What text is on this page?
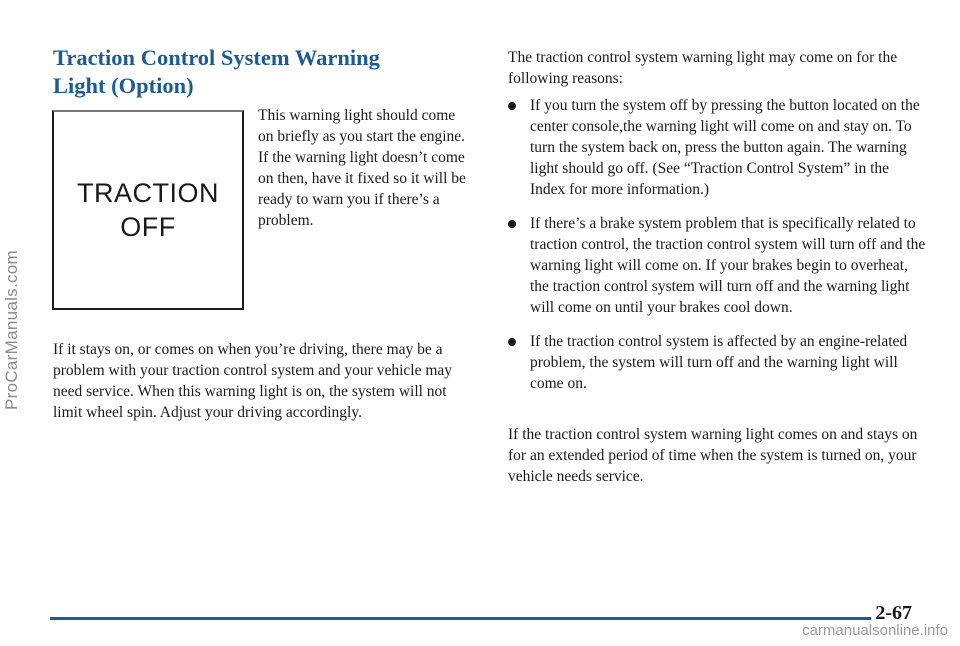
ProCarManuals.com
Traction Control System Warning Light (Option)
TRACTION
OFF

This warning light should come on briefly as you start the engine. If the warning light doesn’t come on then, have it fixed so it will be ready to warn you if there’s a problem.

If it stays on, or comes on when you’re driving, there may be a problem with your traction control system and your vehicle may need service. When this warning light is on, the system will not limit wheel spin. Adjust your driving accordingly.

The traction control system warning light may come on for the following reasons:

If you turn the system off by pressing the button located on the center console,the warning light will come on and stay on. To turn the system back on, press the button again. The warning light should go off. (See “Traction Control System” in the Index for more information.)
If there’s a brake system problem that is specifically related to traction control, the traction control system will turn off and the warning light will come on. If your brakes begin to overheat, the traction control system will turn off and the warning light will come on until your brakes cool down.
If the traction control system is affected by an engine-related problem, the system will turn off and the warning light will come on.

If the traction control system warning light comes on and stays on for an extended period of time when the system is turned on, your vehicle needs service.

2-67
carmanualsonline.info
